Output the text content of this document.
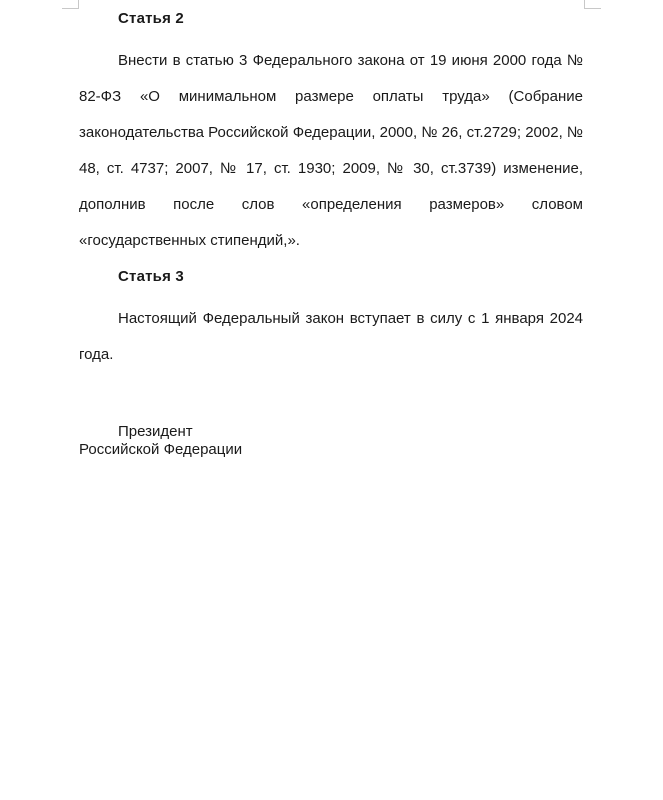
Статья 2

Внести в статью 3 Федерального закона от 19 июня 2000 года № 82-ФЗ «О минимальном размере оплаты труда» (Собрание законодательства Российской Федерации, 2000, № 26, ст.2729; 2002, № 48, ст. 4737; 2007, № 17, ст. 1930; 2009, № 30, ст.3739) изменение, дополнив после слов «определения размеров» словом «государственных стипендий,».

Статья 3

Настоящий Федеральный закон вступает в силу с 1 января 2024 года.

Президент
Российской Федерации
